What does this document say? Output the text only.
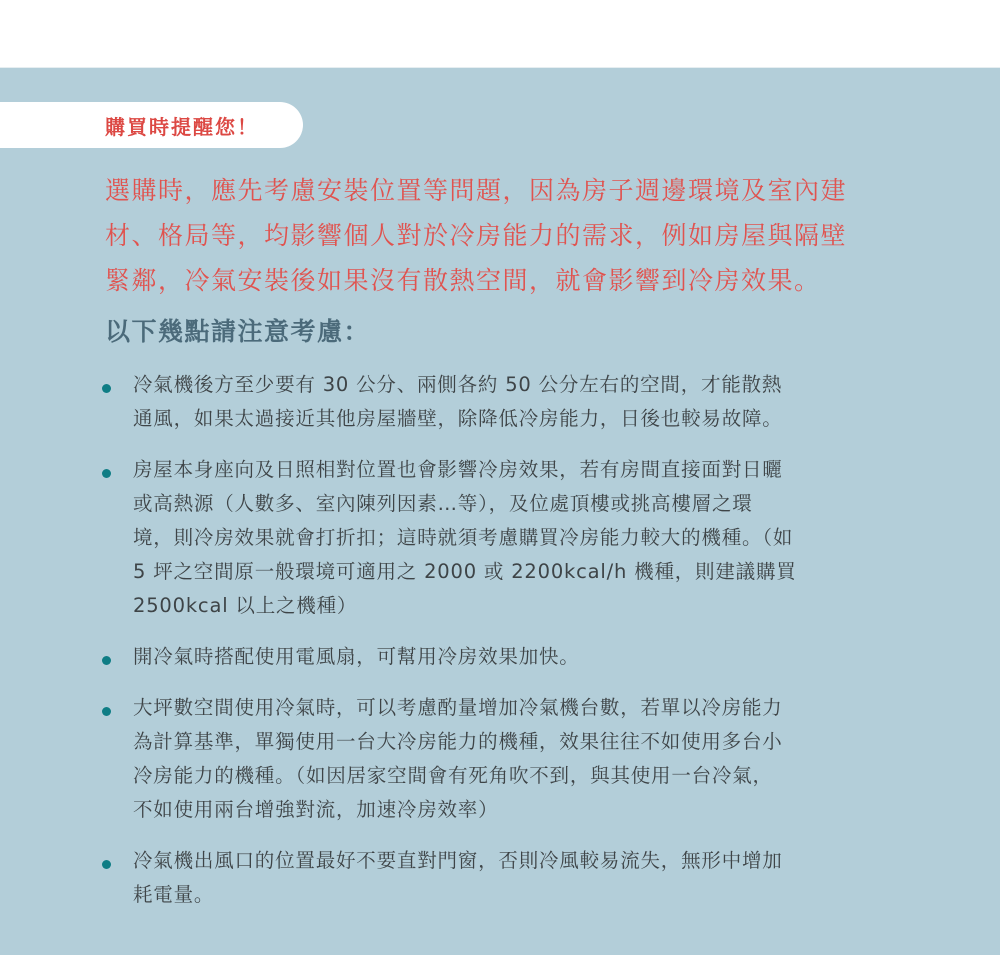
購買時提醒您！
選購時，應先考慮安裝位置等問題，因為房子週邊環境及室內建
材、格局等，均影響個人對於冷房能力的需求，例如房屋與隔壁
緊鄰，冷氣安裝後如果沒有散熱空間，就會影響到冷房效果。
以下幾點請注意考慮：
冷氣機後方至少要有 30 公分、兩側各約 50 公分左右的空間，才能散熱
通風，如果太過接近其他房屋牆壁，除降低冷房能力，日後也較易故障。
房屋本身座向及日照相對位置也會影響冷房效果，若有房間直接面對日曬
或高熱源（人數多、室內陳列因素…等），及位處頂樓或挑高樓層之環
境，則冷房效果就會打折扣；這時就須考慮購買冷房能力較大的機種。（如
5 坪之空間原一般環境可適用之 2000 或 2200kcal/h 機種，則建議購買
2500kcal 以上之機種）
開冷氣時搭配使用電風扇，可幫用冷房效果加快。
大坪數空間使用冷氣時，可以考慮酌量增加冷氣機台數，若單以冷房能力
為計算基準，單獨使用一台大冷房能力的機種，效果往往不如使用多台小
冷房能力的機種。（如因居家空間會有死角吹不到，與其使用一台冷氣，
不如使用兩台增強對流，加速冷房效率）
冷氣機出風口的位置最好不要直對門窗，否則冷風較易流失，無形中增加
耗電量。
